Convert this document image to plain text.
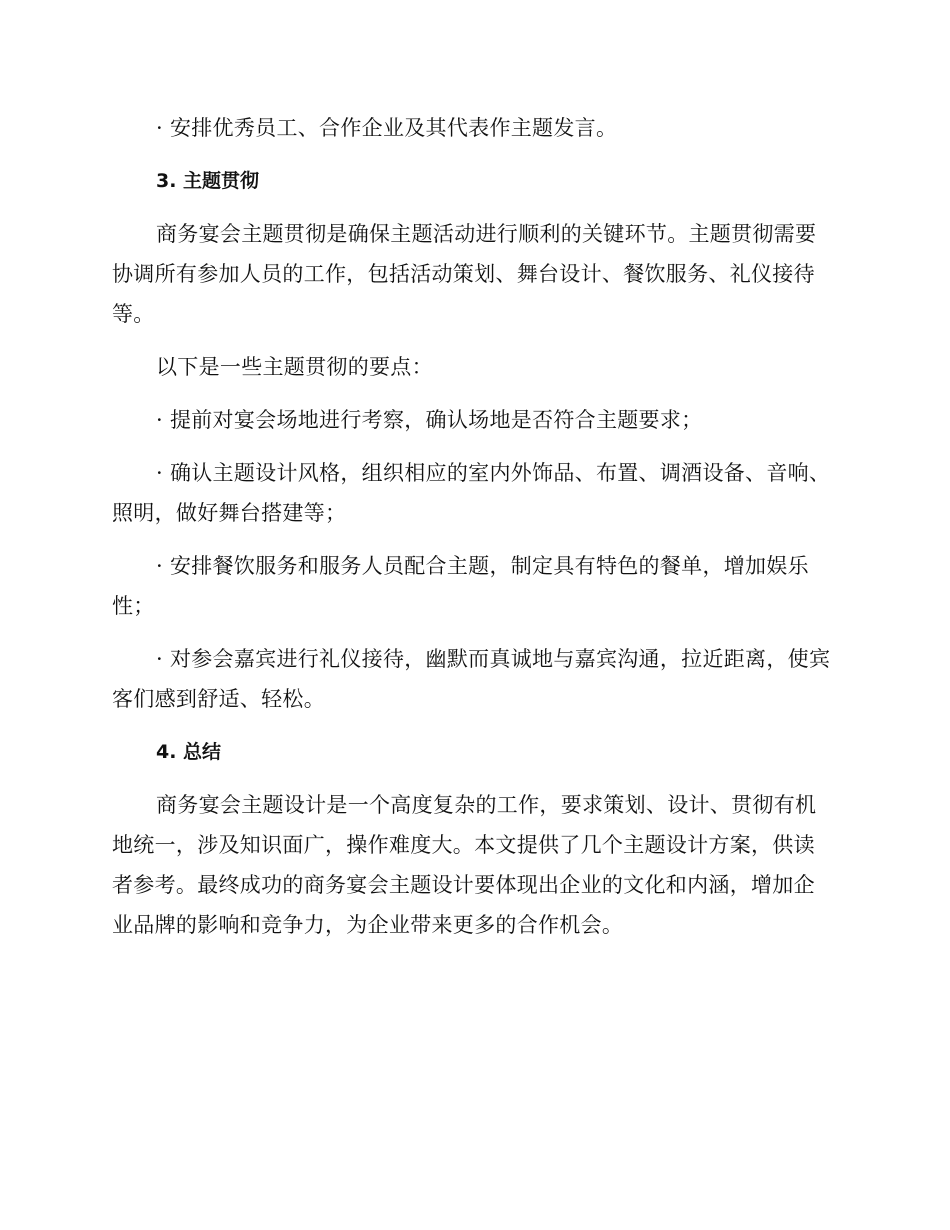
· 安排优秀员工、合作企业及其代表作主题发言。

3. 主题贯彻

商务宴会主题贯彻是确保主题活动进行顺利的关键环节。主题贯彻需要协调所有参加人员的工作，包括活动策划、舞台设计、餐饮服务、礼仪接待等。

以下是一些主题贯彻的要点：

· 提前对宴会场地进行考察，确认场地是否符合主题要求；

· 确认主题设计风格，组织相应的室内外饰品、布置、调酒设备、音响、照明，做好舞台搭建等；

· 安排餐饮服务和服务人员配合主题，制定具有特色的餐单，增加娱乐性；

· 对参会嘉宾进行礼仪接待，幽默而真诚地与嘉宾沟通，拉近距离，使宾客们感到舒适、轻松。

4. 总结

商务宴会主题设计是一个高度复杂的工作，要求策划、设计、贯彻有机地统一，涉及知识面广，操作难度大。本文提供了几个主题设计方案，供读者参考。最终成功的商务宴会主题设计要体现出企业的文化和内涵，增加企业品牌的影响和竞争力，为企业带来更多的合作机会。
